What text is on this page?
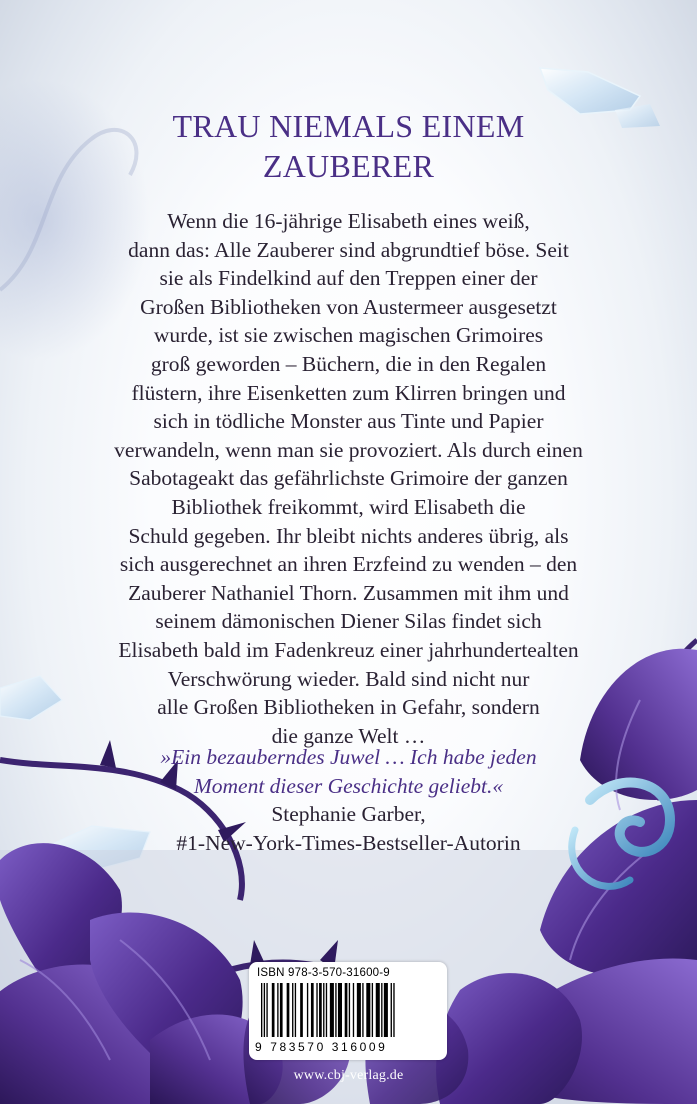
TRAU NIEMALS EINEM
ZAUBERER

Wenn die 16-jährige Elisabeth eines weiß,
dann das: Alle Zauberer sind abgrundtief böse. Seit
sie als Findelkind auf den Treppen einer der
Großen Bibliotheken von Austermeer ausgesetzt
wurde, ist sie zwischen magischen Grimoires
groß geworden – Büchern, die in den Regalen
flüstern, ihre Eisenketten zum Klirren bringen und
sich in tödliche Monster aus Tinte und Papier
verwandeln, wenn man sie provoziert. Als durch einen
Sabotageakt das gefährlichste Grimoire der ganzen
Bibliothek freikommt, wird Elisabeth die
Schuld gegeben. Ihr bleibt nichts anderes übrig, als
sich ausgerechnet an ihren Erzfeind zu wenden – den
Zauberer Nathaniel Thorn. Zusammen mit ihm und
seinem dämonischen Diener Silas findet sich
Elisabeth bald im Fadenkreuz einer jahrhundertealten
Verschwörung wieder. Bald sind nicht nur
alle Großen Bibliotheken in Gefahr, sondern
die ganze Welt …

»Ein bezauberndes Juwel … Ich habe jeden
Moment dieser Geschichte geliebt.«

Stephanie Garber,
#1-New-York-Times-Bestseller-Autorin

ISBN 978-3-570-31600-9
9 783570 316009
www.cbj-verlag.de
